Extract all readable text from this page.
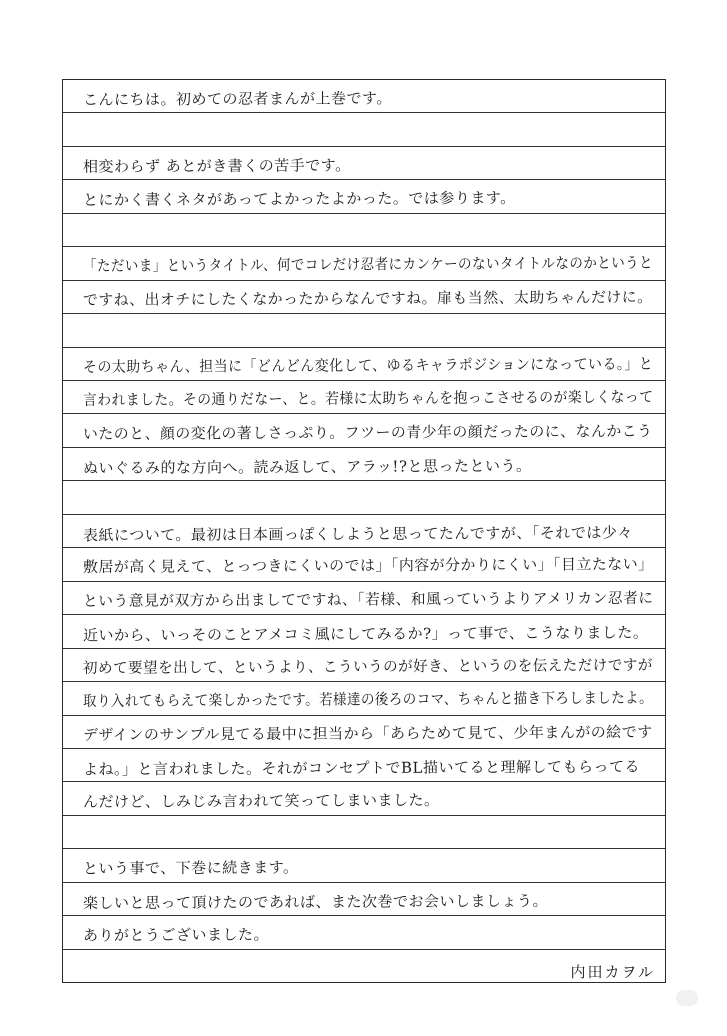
こんにちは。初めての忍者まんが上巻です。
相変わらず あとがき書くの苦手です。
とにかく書くネタがあってよかったよかった。では参ります。
「ただいま」というタイトル、何でコレだけ忍者にカンケーのないタイトルなのかというと
ですね、出オチにしたくなかったからなんですね。扉も当然、太助ちゃんだけに。
その太助ちゃん、担当に「どんどん変化して、ゆるキャラポジションになっている。」と
言われました。その通りだなー、と。若様に太助ちゃんを抱っこさせるのが楽しくなって
いたのと、顔の変化の著しさっぷり。フツーの青少年の顔だったのに、なんかこう
ぬいぐるみ的な方向へ。読み返して、アラッ!?と思ったという。
表紙について。最初は日本画っぽくしようと思ってたんですが、「それでは少々
敷居が高く見えて、とっつきにくいのでは」「内容が分かりにくい」「目立たない」
という意見が双方から出ましてですね、「若様、和風っていうよりアメリカン忍者に
近いから、いっそのことアメコミ風にしてみるか?」って事で、こうなりました。
初めて要望を出して、というより、こういうのが好き、というのを伝えただけですが
取り入れてもらえて楽しかったです。若様達の後ろのコマ、ちゃんと描き下ろしましたよ。
デザインのサンプル見てる最中に担当から「あらためて見て、少年まんがの絵です
よね。」と言われました。それがコンセプトでBL描いてると理解してもらってる
んだけど、しみじみ言われて笑ってしまいました。
という事で、下巻に続きます。
楽しいと思って頂けたのであれば、また次巻でお会いしましょう。
ありがとうございました。
内田カヲル
